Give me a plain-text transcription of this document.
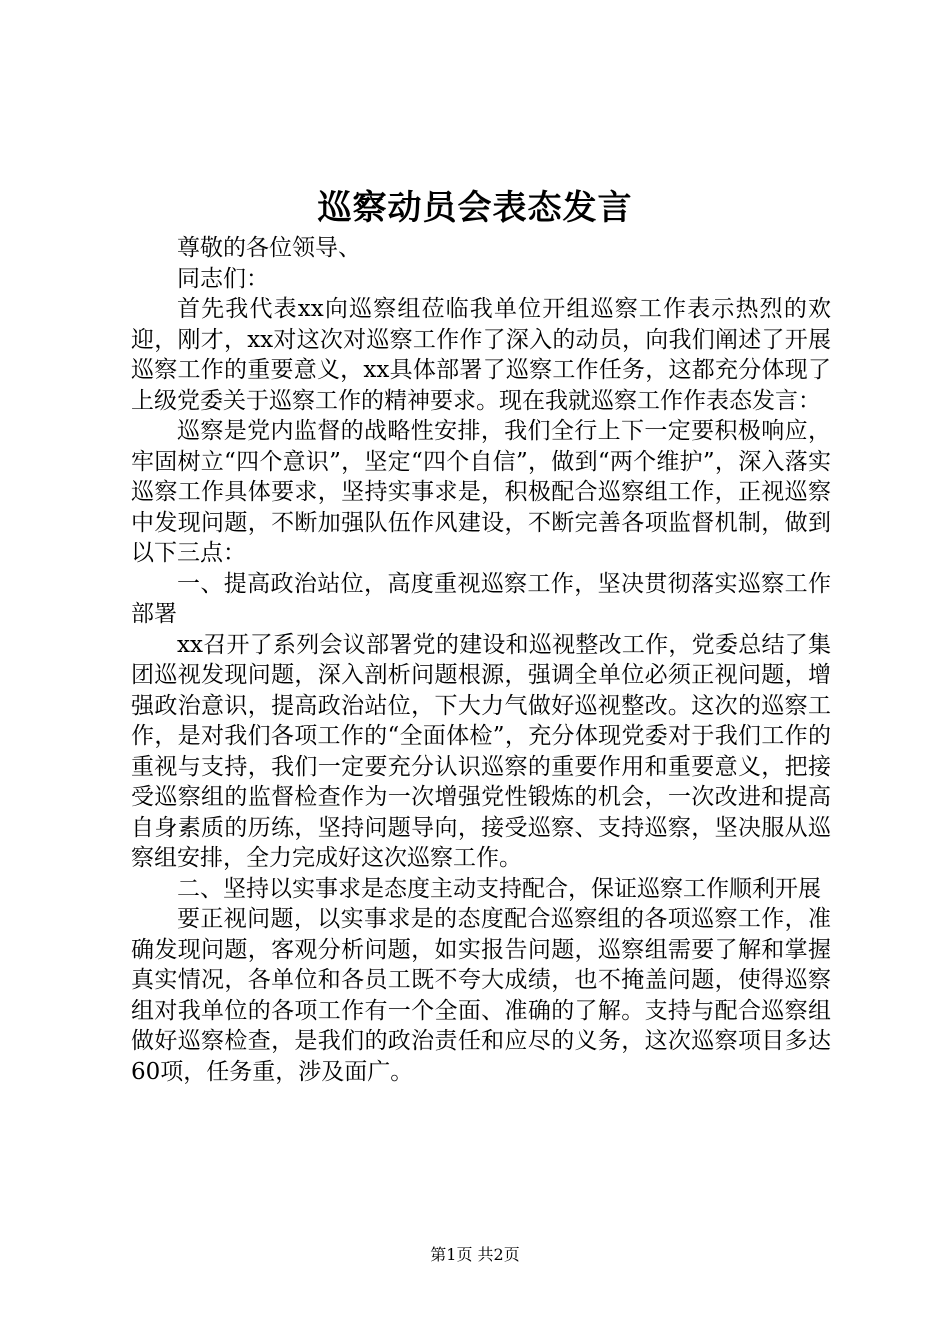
巡察动员会表态发言

尊敬的各位领导、

同志们：

首先我代表xx向巡察组莅临我单位开组巡察工作表示热烈的欢迎，刚才，xx对这次对巡察工作作了深入的动员，向我们阐述了开展巡察工作的重要意义，xx具体部署了巡察工作任务，这都充分体现了上级党委关于巡察工作的精神要求。现在我就巡察工作作表态发言：

巡察是党内监督的战略性安排，我们全行上下一定要积极响应，牢固树立“四个意识”，坚定“四个自信”，做到“两个维护”，深入落实巡察工作具体要求，坚持实事求是，积极配合巡察组工作，正视巡察中发现问题，不断加强队伍作风建设，不断完善各项监督机制，做到以下三点：

一、提高政治站位，高度重视巡察工作，坚决贯彻落实巡察工作部署

xx召开了系列会议部署党的建设和巡视整改工作，党委总结了集团巡视发现问题，深入剖析问题根源，强调全单位必须正视问题，增强政治意识，提高政治站位，下大力气做好巡视整改。这次的巡察工作，是对我们各项工作的“全面体检”，充分体现党委对于我们工作的重视与支持，我们一定要充分认识巡察的重要作用和重要意义，把接受巡察组的监督检查作为一次增强党性锻炼的机会，一次改进和提高自身素质的历练，坚持问题导向，接受巡察、支持巡察，坚决服从巡察组安排，全力完成好这次巡察工作。

二、坚持以实事求是态度主动支持配合，保证巡察工作顺利开展

要正视问题，以实事求是的态度配合巡察组的各项巡察工作，准确发现问题，客观分析问题，如实报告问题，巡察组需要了解和掌握真实情况，各单位和各员工既不夸大成绩，也不掩盖问题，使得巡察组对我单位的各项工作有一个全面、准确的了解。支持与配合巡察组做好巡察检查，是我们的政治责任和应尽的义务，这次巡察项目多达60项，任务重，涉及面广。

第1页 共2页
